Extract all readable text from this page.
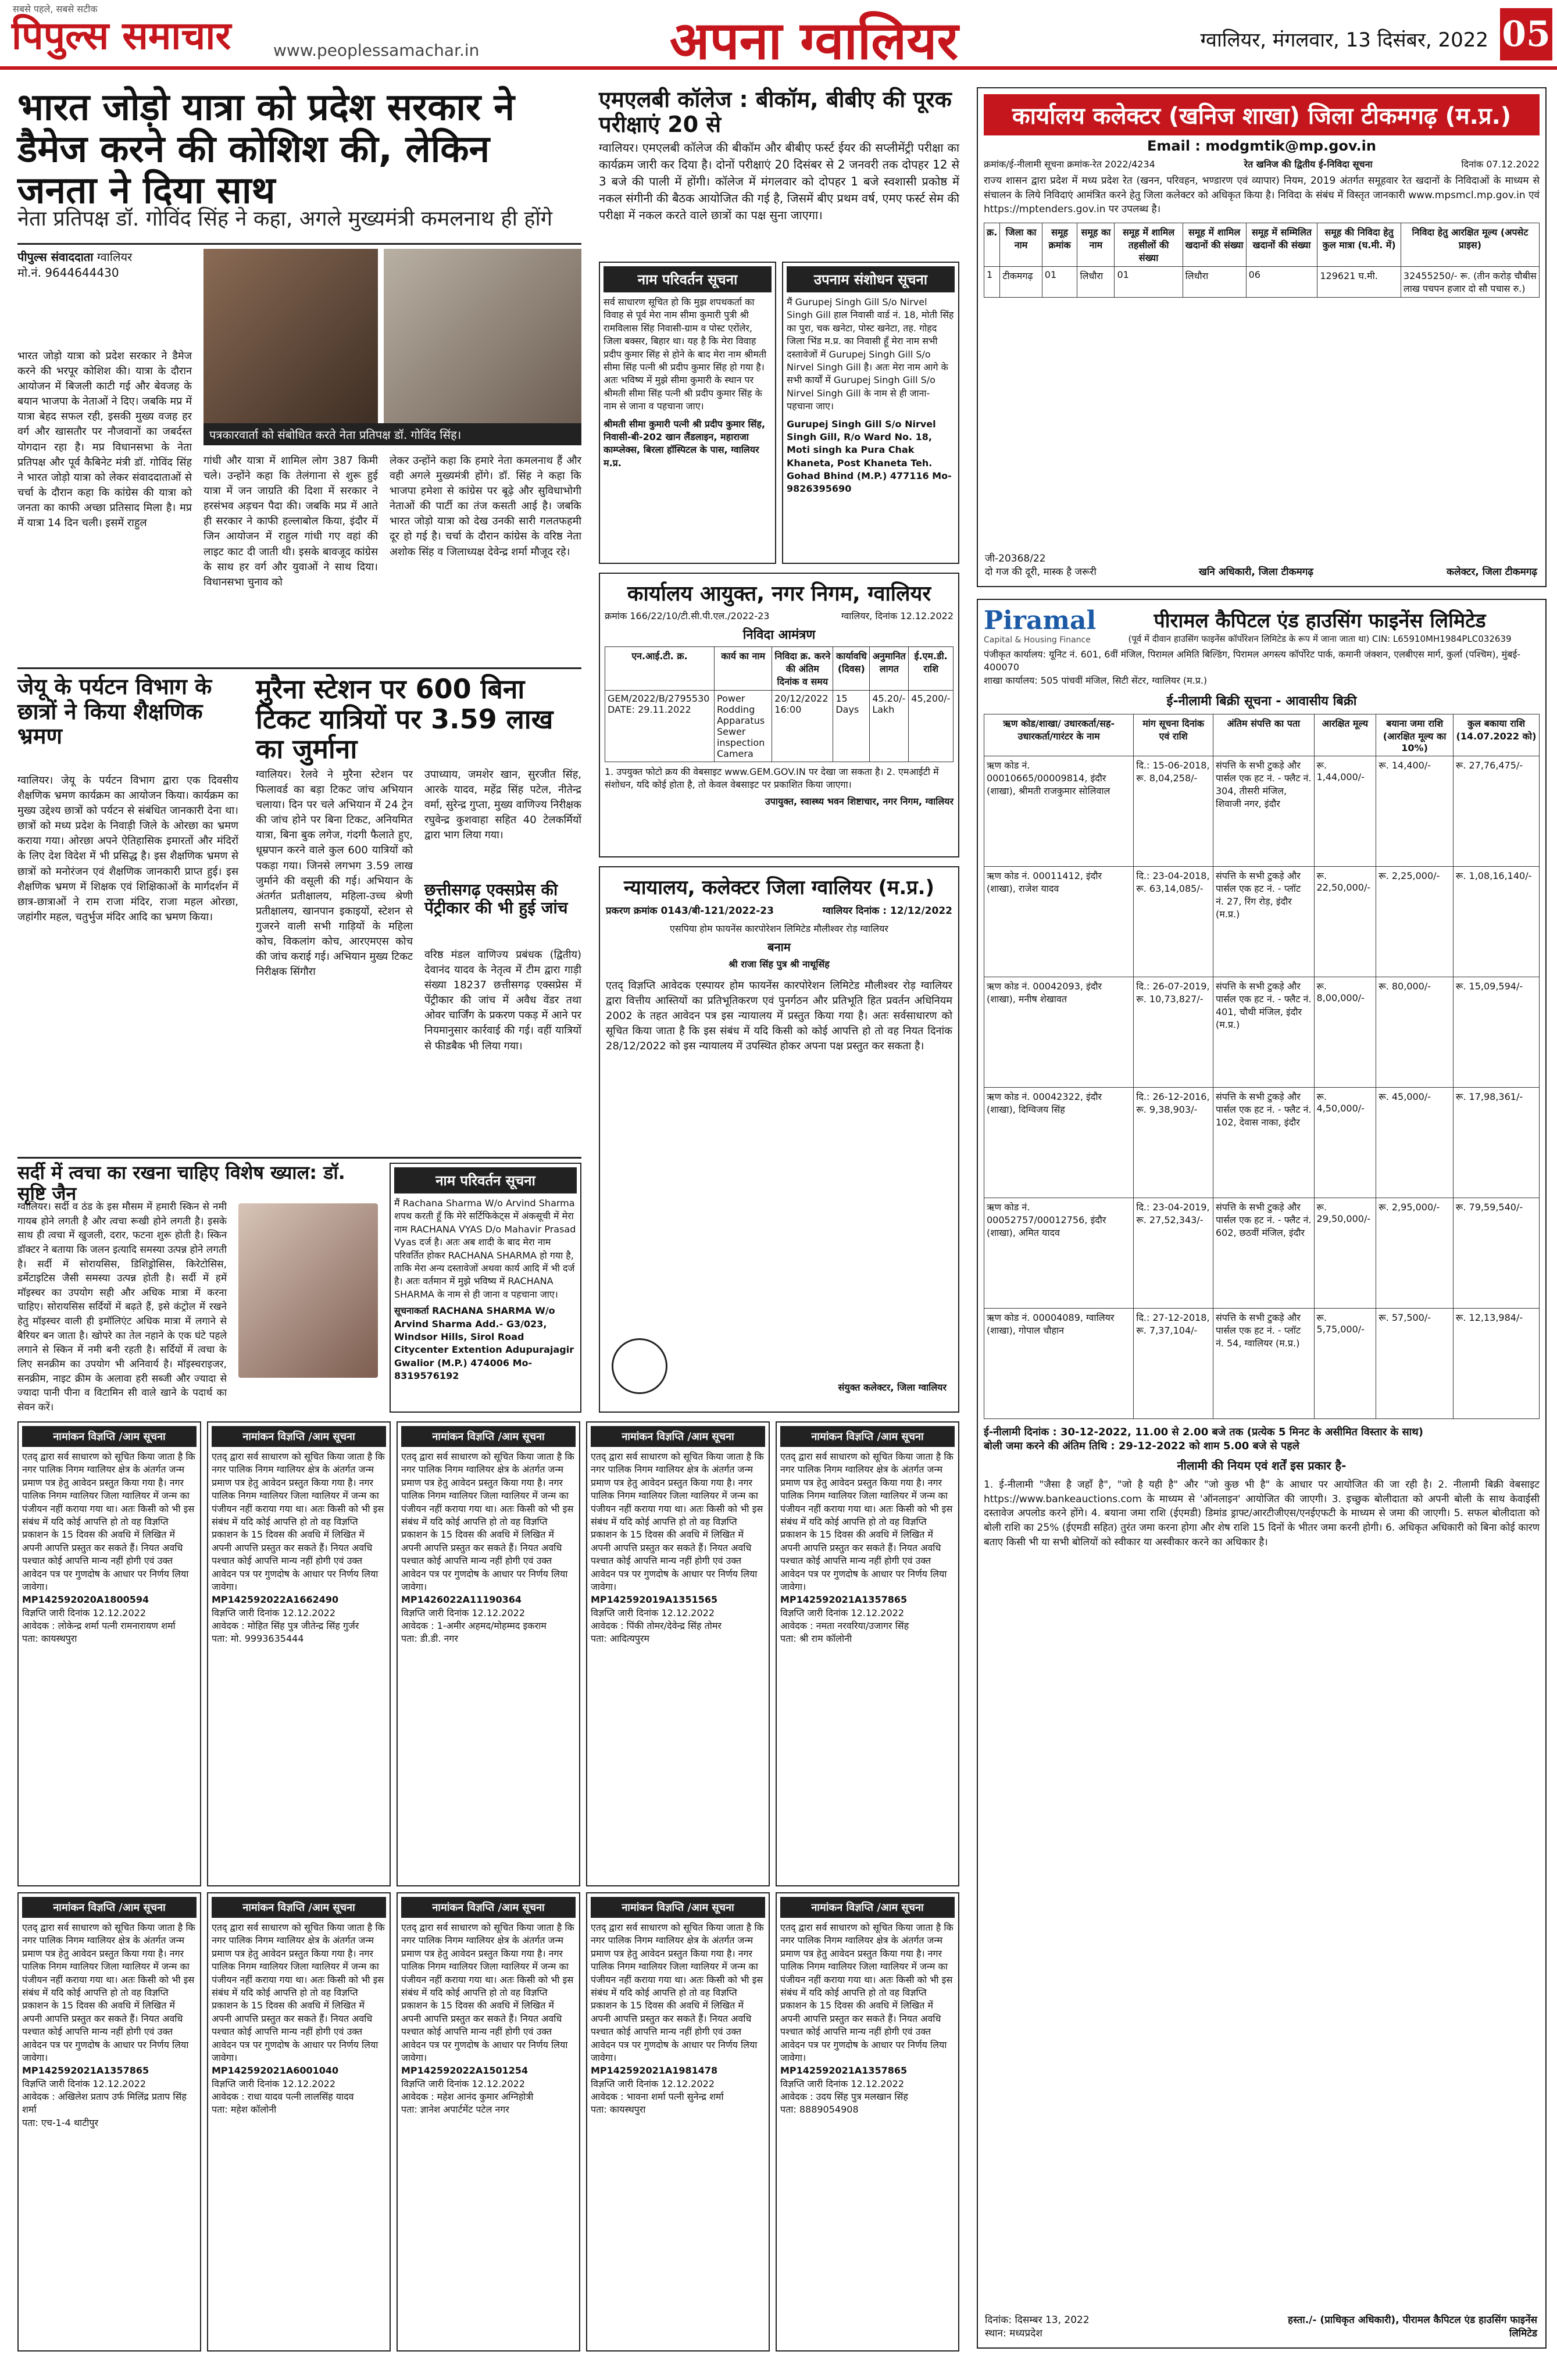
पिपुल्स समाचार
सबसे पहले, सबसे सटीक
www.peoplessamachar.in	अपना ग्वालियर	ग्वालियर, मंगलवार, 13 दिसंबर, 2022 05
भारत जोड़ो यात्रा को प्रदेश सरकार ने डैमेज करने की कोशिश की, लेकिन जनता ने दिया साथ
नेता प्रतिपक्ष डॉ. गोविंद सिंह ने कहा, अगले मुख्यमंत्री कमलनाथ ही होंगे
पीपुल्स संवाददाता ग्वालियर
मो.नं. 9644644430
भारत जोड़ो यात्रा को प्रदेश सरकार ने डैमेज करने की भरपूर कोशिश की। यात्रा के दौरान आयोजन में बिजली काटी गई और बेवजह के बयान भाजपा के नेताओं ने दिए। जबकि मप्र में यात्रा बेहद सफल रही, इसकी मुख्य वजह हर वर्ग और खासतौर पर नौजवानों का जबर्दस्त योगदान रहा है। मप्र विधानसभा के नेता प्रतिपक्ष और पूर्व कैबिनेट मंत्री डॉ. गोविंद सिंह ने भारत जोड़ो यात्रा को लेकर संवाददाताओं से चर्चा के दौरान कहा कि कांग्रेस की यात्रा को जनता का काफी अच्छा प्रतिसाद मिला है। मप्र में यात्रा 14 दिन चली। इसमें राहुल
पत्रकारवार्ता को संबोधित करते नेता प्रतिपक्ष डॉ. गोविंद सिंह।
गांधी और यात्रा में शामिल लोग 387 किमी चले। उन्होंने कहा कि तेलंगाना से शुरू हुई यात्रा में जन जाग्रति की दिशा में सरकार ने हरसंभव अड़चन पैदा की। जबकि मप्र में आते ही सरकार ने काफी हल्लाबोल किया, इंदौर में जिन आयोजन में राहुल गांधी गए वहां की लाइट काट दी जाती थी। इसके बावजूद कांग्रेस के साथ हर वर्ग और युवाओं ने साथ दिया। विधानसभा चुनाव को
लेकर उन्होंने कहा कि हमारे नेता कमलनाथ हैं और वही अगले मुख्यमंत्री होंगे। डॉ. सिंह ने कहा कि भाजपा हमेशा से कांग्रेस पर बूढ़े और सुविधाभोगी नेताओं की पार्टी का तंज कसती आई है। जबकि भारत जोड़ो यात्रा को देख उनकी सारी गलतफहमी दूर हो गई है। चर्चा के दौरान कांग्रेस के वरिष्ठ नेता अशोक सिंह व जिलाध्यक्ष देवेन्द्र शर्मा मौजूद रहे।
जेयू के पर्यटन विभाग के छात्रों ने किया शैक्षणिक भ्रमण
ग्वालियर। जेयू के पर्यटन विभाग द्वारा एक दिवसीय शैक्षणिक भ्रमण कार्यक्रम का आयोजन किया। कार्यक्रम का मुख्य उद्देश्य छात्रों को पर्यटन से संबंधित जानकारी देना था। छात्रों को मध्य प्रदेश के निवाड़ी जिले के ओरछा का भ्रमण कराया गया। ओरछा अपने ऐतिहासिक इमारतों और मंदिरों के लिए देश विदेश में भी प्रसिद्ध है। इस शैक्षणिक भ्रमण से छात्रों को मनोरंजन एवं शैक्षणिक जानकारी प्राप्त हुई। इस शैक्षणिक भ्रमण में शिक्षक एवं शिक्षिकाओं के मार्गदर्शन में छात्र-छात्राओं ने राम राजा मंदिर, राजा महल ओरछा, जहांगीर महल, चतुर्भुज मंदिर आदि का भ्रमण किया।
मुरैना स्टेशन पर 600 बिना टिकट यात्रियों पर 3.59 लाख का जुर्माना
ग्वालियर। रेलवे ने मुरैना स्टेशन पर फिलावर्ड का बड़ा टिकट जांच अभियान चलाया। दिन पर चले अभियान में 24 ट्रेन की जांच होने पर बिना टिकट, अनियमित यात्रा, बिना बुक लगेज, गंदगी फैलाते हुए, धूम्रपान करने वाले कुल 600 यात्रियों को पकड़ा गया। जिनसे लगभग 3.59 लाख जुर्माने की वसूली की गई। अभियान के अंतर्गत प्रतीक्षालय, महिला-उच्च श्रेणी प्रतीक्षालय, खानपान इकाइयों, स्टेशन से गुजरने वाली सभी गाड़ियों के महिला कोच, विकलांग कोच, आरएमएस कोच की जांच कराई गई। अभियान मुख्य टिकट निरीक्षक सिंगौरा
उपाध्याय, जमशेर खान, सुरजीत सिंह, आरके यादव, महेंद्र सिंह पटेल, नीतेन्द्र वर्मा, सुरेन्द्र गुप्ता, मुख्य वाणिज्य निरीक्षक रघुवेन्द्र कुशवाहा सहित 40 टेलकर्मियों द्वारा भाग लिया गया।
छत्तीसगढ़ एक्सप्रेस की पेंट्रीकार की भी हुई जांच
वरिष्ठ मंडल वाणिज्य प्रबंधक (द्वितीय) देवानंद यादव के नेतृत्व में टीम द्वारा गाड़ी संख्या 18237 छत्तीसगढ़ एक्सप्रेस में पेंट्रीकार की जांच में अवैध वेंडर तथा ओवर चार्जिंग के प्रकरण पकड़ में आने पर नियमानुसार कार्रवाई की गई। वहीं यात्रियों से फीडबैक भी लिया गया।
सर्दी में त्वचा का रखना चाहिए विशेष ख्याल: डॉ. सृष्टि जैन
ग्वालियर। सर्दी व ठंड के इस मौसम में हमारी स्किन से नमी गायब होने लगती है और त्वचा रूखी होने लगती है। इसके साथ ही त्वचा में खुजली, दरार, फटना शुरू होती है। स्किन डॉक्टर ने बताया कि जलन इत्यादि समस्या उत्पन्न होने लगती है। सर्दी में सोरायसिस, डिशिड्रोसिस, किरेटोसिस, डर्मेटाइटिस जैसी समस्या उत्पन्न होती है। सर्दी में हमें मॉइस्चर का उपयोग सही और अधिक मात्रा में करना चाहिए। सोरायसिस सर्दियों में बढ़ते हैं, इसे कंट्रोल में रखने हेतु मॉइस्चर वाली ही इमॉलिएंट अधिक मात्रा में लगाने से बैरियर बन जाता है। खोपरे का तेल नहाने के एक घंटे पहले लगाने से स्किन में नमी बनी रहती है। सर्दियों में त्वचा के लिए सनक्रीम का उपयोग भी अनिवार्य है। मॉइस्चराइजर, सनक्रीम, नाइट क्रीम के अलावा हरी सब्जी और ज्यादा से ज्यादा पानी पीना व विटामिन सी वाले खाने के पदार्थ का सेवन करें।
नाम परिवर्तन सूचना
मैं Rachana Sharma W/o Arvind Sharma शपथ करती हूँ कि मेरे सर्टिफिकेट्स में अंकसूची में मेरा नाम RACHANA VYAS D/o Mahavir Prasad Vyas दर्ज है। अतः अब शादी के बाद मेरा नाम परिवर्तित होकर RACHANA SHARMA हो गया है, ताकि मेरा अन्य दस्तावेजों अथवा कार्य आदि में भी दर्ज है। अतः वर्तमान में मुझे भविष्य में RACHANA SHARMA के नाम से ही जाना व पहचाना जाए।
सूचनाकर्ता RACHANA SHARMA W/o Arvind Sharma Add.- G3/023, Windsor Hills, Sirol Road Citycenter Extention Adupurajagir Gwalior (M.P.) 474006 Mo- 8319576192
एमएलबी कॉलेज : बीकॉम, बीबीए की पूरक परीक्षाएं 20 से
ग्वालियर। एमएलबी कॉलेज की बीकॉम और बीबीए फर्स्ट ईयर की सप्लीमेंट्री परीक्षा का कार्यक्रम जारी कर दिया है। दोनों परीक्षाएं 20 दिसंबर से 2 जनवरी तक दोपहर 12 से 3 बजे की पाली में होंगी। कॉलेज में मंगलवार को दोपहर 1 बजे स्वशासी प्रकोष्ठ में नकल संगीनी की बैठक आयोजित की गई है, जिसमें बीए प्रथम वर्ष, एमए फर्स्ट सेम की परीक्षा में नकल करते वाले छात्रों का पक्ष सुना जाएगा।
नाम परिवर्तन सूचना
सर्व साधारण सूचित हो कि मुझ शपथकर्ता का विवाह से पूर्व मेरा नाम सीमा कुमारी पुत्री श्री रामविलास सिंह निवासी-ग्राम व पोस्ट एरोंलेर, जिला बक्सर, बिहार था। यह है कि मेरा विवाह प्रदीप कुमार सिंह से होने के बाद मेरा नाम श्रीमती सीमा सिंह पत्नी श्री प्रदीप कुमार सिंह हो गया है। अतः भविष्य में मुझे सीमा कुमारी के स्थान पर श्रीमती सीमा सिंह पत्नी श्री प्रदीप कुमार सिंह के नाम से जाना व पहचाना जाए।
श्रीमती सीमा कुमारी पत्नी श्री प्रदीप कुमार सिंह, निवासी-बी-202 खान लैंडलाइन, महाराजा काम्प्लेक्स, बिरला हॉस्पिटल के पास, ग्वालियर म.प्र.
उपनाम संशोधन सूचना
मैं Gurupej Singh Gill S/o Nirvel Singh Gill हाल निवासी वार्ड नं. 18, मोती सिंह का पुरा, चक खनेटा, पोस्ट खनेटा, तह. गोहद जिला भिंड म.प्र. का निवासी हूँ मेरा नाम सभी दस्तावेजों में Gurupej Singh Gill S/o Nirvel Singh Gill है। अतः मेरा नाम आगे के सभी कार्यों में Gurupej Singh Gill S/o Nirvel Singh Gill के नाम से ही जाना-पहचाना जाए।
Gurupej Singh Gill S/o Nirvel Singh Gill, R/o Ward No. 18, Moti singh ka Pura Chak Khaneta, Post Khaneta Teh. Gohad Bhind (M.P.) 477116 Mo- 9826395690
कार्यालय आयुक्त, नगर निगम, ग्वालियर
क्रमांक 166/22/10/टी.सी.पी.एल./2022-23	ग्वालियर, दिनांक 12.12.2022
निविदा आमंत्रण
एन.आई.टी. क्र.	कार्य का नाम	निविदा क्र. करने की अंतिम दिनांक व समय	कार्यावधि (दिवस)	अनुमानित लागत	ई.एम.डी. राशि
GEM/2022/B/2795530 DATE: 29.11.2022	Power Rodding Apparatus Sewer inspection Camera	20/12/2022 16:00	15 Days	45.20/- Lakh	45,200/-
1. उपयुक्त फोटो क्रय की वेबसाइट www.GEM.GOV.IN पर देखा जा सकता है। 2. एमआईटी में संशोधन, यदि कोई होता है, तो केवल वेबसाइट पर प्रकाशित किया जाएगा।
उपायुक्त, स्वास्थ्य भवन शिष्टाचार, नगर निगम, ग्वालियर
न्यायालय, कलेक्टर जिला ग्वालियर (म.प्र.)
प्रकरण क्रमांक 0143/बी-121/2022-23	ग्वालियर दिनांक : 12/12/2022
एसपिया होम फायनेंस कारपोरेशन लिमिटेड मौलीश्वर रोड़ ग्वालियर
बनाम
श्री राजा सिंह पुत्र श्री नाथूसिंह
एतद् विज्ञप्ति आवेदक एस्पायर होम फायनेंस कारपोरेशन लिमिटेड मौलीश्वर रोड़ ग्वालियर द्वारा वित्तीय आस्तियों का प्रतिभूतिकरण एवं पुनर्गठन और प्रतिभूति हित प्रवर्तन अधिनियम 2002 के तहत आवेदन पत्र इस न्यायालय में प्रस्तुत किया गया है। अतः सर्वसाधारण को सूचित किया जाता है कि इस संबंध में यदि किसी को कोई आपत्ति हो तो वह नियत दिनांक 28/12/2022 को इस न्यायालय में उपस्थित होकर अपना पक्ष प्रस्तुत कर सकता है।
संयुक्त कलेक्टर, जिला ग्वालियर
कार्यालय कलेक्टर (खनिज शाखा) जिला टीकमगढ़ (म.प्र.)
Email : modgmtik@mp.gov.in
क्रमांक/ई-नीलामी सूचना क्रमांक-रेत 2022/4234	रेत खनिज की द्वितीय ई-निविदा सूचना	दिनांक 07.12.2022
राज्य शासन द्वारा प्रदेश में मध्य प्रदेश रेत (खनन, परिवहन, भण्डारण एवं व्यापार) नियम, 2019 अंतर्गत समूहवार रेत खदानों के निविदाओं के माध्यम से संचालन के लिये निविदाएं आमंत्रित करने हेतु जिला कलेक्टर को अधिकृत किया है। निविदा के संबंध में विस्तृत जानकारी www.mpsmcl.mp.gov.in एवं https://mptenders.gov.in पर उपलब्ध है।
क्र.	जिला का नाम	समूह क्रमांक	समूह का नाम	समूह में शामिल तहसीलों की संख्या	समूह में शामिल खदानों की संख्या	समूह में सम्मिलित खदानों की संख्या	समूह की निविदा हेतु कुल मात्रा (घ.मी. में)	निविदा हेतु आरक्षित मूल्य (अपसेट प्राइस)
1	टीकमगढ़	01	लिधौरा	01	लिधौरा	06	129621 घ.मी.	32455250/- रू. (तीन करोड़ चौबीस लाख पचपन हजार दो सौ पचास रु.)
जी-20368/22
दो गज की दूरी, मास्क है जरूरी	खनि अधिकारी, जिला टीकमगढ़	कलेक्टर, जिला टीकमगढ़
Piramal
Capital & Housing Finance
पीरामल कैपिटल एंड हाउसिंग फाइनेंस लिमिटेड
(पूर्व में दीवान हाउसिंग फाइनेंस कॉर्पोरेशन लिमिटेड के रूप में जाना जाता था) CIN: L65910MH1984PLC032639
पंजीकृत कार्यालय: यूनिट नं. 601, 6वीं मंजिल, पिरामल अमिति बिल्डिंग, पिरामल अगस्त्य कॉर्पोरेट पार्क, कमानी जंक्शन, एलबीएस मार्ग, कुर्ला (पश्चिम), मुंबई- 400070
शाखा कार्यालय: 505 पांचवीं मंजिल, सिटी सेंटर, ग्वालियर (म.प्र.)
ई-नीलामी बिक्री सूचना - आवासीय बिक्री
ऋण कोड/शाखा/ उधारकर्ता/सह-उधारकर्ता/गारंटर के नाम	मांग सूचना दिनांक एवं राशि	अंतिम संपत्ति का पता	आरक्षित मूल्य	बयाना जमा राशि (आरक्षित मूल्य का 10%)	कुल बकाया राशि (14.07.2022 को)
ऋण कोड नं. 00010665/00009814, इंदौर (शाखा), श्रीमती राजकुमार सोलिवाल	दि.: 15-06-2018, रू. 8,04,258/-	संपत्ति के सभी टुकड़े और पार्सल एक हट नं. - फ्लैट नं. 304, तीसरी मंजिल, शिवाजी नगर, इंदौर	रू. 1,44,000/-	रू. 14,400/-	रू. 27,76,475/-
ऋण कोड नं. 00011412, इंदौर (शाखा), राजेश यादव	दि.: 23-04-2018, रू. 63,14,085/-	संपत्ति के सभी टुकड़े और पार्सल एक हट नं. - प्लॉट नं. 27, रिंग रोड़, इंदौर (म.प्र.)	रू. 22,50,000/-	रू. 2,25,000/-	रू. 1,08,16,140/-
ऋण कोड नं. 00042093, इंदौर (शाखा), मनीष शेखावत	दि.: 26-07-2019, रू. 10,73,827/-	संपत्ति के सभी टुकड़े और पार्सल एक हट नं. - फ्लैट नं. 401, चौथी मंजिल, इंदौर (म.प्र.)	रू. 8,00,000/-	रू. 80,000/-	रू. 15,09,594/-
ऋण कोड नं. 00042322, इंदौर (शाखा), दिग्विजय सिंह	दि.: 26-12-2016, रू. 9,38,903/-	संपत्ति के सभी टुकड़े और पार्सल एक हट नं. - फ्लैट नं. 102, देवास नाका, इंदौर	रू. 4,50,000/-	रू. 45,000/-	रू. 17,98,361/-
ऋण कोड नं. 00052757/00012756, इंदौर (शाखा), अमित यादव	दि.: 23-04-2019, रू. 27,52,343/-	संपत्ति के सभी टुकड़े और पार्सल एक हट नं. - फ्लैट नं. 602, छठवीं मंजिल, इंदौर	रू. 29,50,000/-	रू. 2,95,000/-	रू. 79,59,540/-
ऋण कोड नं. 00004089, ग्वालियर (शाखा), गोपाल चौहान	दि.: 27-12-2018, रू. 7,37,104/-	संपत्ति के सभी टुकड़े और पार्सल एक हट नं. - प्लॉट नं. 54, ग्वालियर (म.प्र.)	रू. 5,75,000/-	रू. 57,500/-	रू. 12,13,984/-
ई-नीलामी दिनांक : 30-12-2022, 11.00 से 2.00 बजे तक (प्रत्येक 5 मिनट के असीमित विस्तार के साथ)
बोली जमा करने की अंतिम तिथि : 29-12-2022 को शाम 5.00 बजे से पहले
नीलामी की नियम एवं शर्तें इस प्रकार है-
1. ई-नीलामी "जैसा है जहाँ है", "जो है यही है" और "जो कुछ भी है" के आधार पर आयोजित की जा रही है। 2. नीलामी बिक्री वेबसाइट https://www.bankeauctions.com के माध्यम से 'ऑनलाइन' आयोजित की जाएगी। 3. इच्छुक बोलीदाता को अपनी बोली के साथ केवाईसी दस्तावेज अपलोड करने होंगे। 4. बयाना जमा राशि (ईएमडी) डिमांड ड्राफ्ट/आरटीजीएस/एनईएफटी के माध्यम से जमा की जाएगी। 5. सफल बोलीदाता को बोली राशि का 25% (ईएमडी सहित) तुरंत जमा करना होगा और शेष राशि 15 दिनों के भीतर जमा करनी होगी। 6. अधिकृत अधिकारी को बिना कोई कारण बताए किसी भी या सभी बोलियों को स्वीकार या अस्वीकार करने का अधिकार है।
दिनांक: दिसम्बर 13, 2022
स्थान: मध्यप्रदेश
हस्ता./- (प्राधिकृत अधिकारी), पीरामल कैपिटल एंड हाउसिंग फाइनेंस लिमिटेड
नामांकन विज्ञप्ति /आम सूचना
एतद् द्वारा सर्व साधारण को सूचित किया जाता है कि नगर पालिक निगम ग्वालियर क्षेत्र के अंतर्गत जन्म प्रमाण पत्र हेतु आवेदन प्रस्तुत किया गया है। नगर पालिक निगम ग्वालियर जिला ग्वालियर में जन्म का पंजीयन नहीं कराया गया था। अतः किसी को भी इस संबंध में यदि कोई आपत्ति हो तो वह विज्ञप्ति प्रकाशन के 15 दिवस की अवधि में लिखित में अपनी आपत्ति प्रस्तुत कर सकते हैं। नियत अवधि पश्चात कोई आपत्ति मान्य नहीं होगी एवं उक्त आवेदन पत्र पर गुणदोष के आधार पर निर्णय लिया जावेगा।
MP142592020A1800594
विज्ञप्ति जारी दिनांक 12.12.2022
आवेदक : लोकेन्द्र शर्मा पत्नी रामनारायण शर्मा
पता: कायस्थपुरा
नामांकन विज्ञप्ति /आम सूचना
एतद् द्वारा सर्व साधारण को सूचित किया जाता है कि नगर पालिक निगम ग्वालियर क्षेत्र के अंतर्गत जन्म प्रमाण पत्र हेतु आवेदन प्रस्तुत किया गया है। नगर पालिक निगम ग्वालियर जिला ग्वालियर में जन्म का पंजीयन नहीं कराया गया था। अतः किसी को भी इस संबंध में यदि कोई आपत्ति हो तो वह विज्ञप्ति प्रकाशन के 15 दिवस की अवधि में लिखित में अपनी आपत्ति प्रस्तुत कर सकते हैं। नियत अवधि पश्चात कोई आपत्ति मान्य नहीं होगी एवं उक्त आवेदन पत्र पर गुणदोष के आधार पर निर्णय लिया जावेगा।
MP142592022A1662490
विज्ञप्ति जारी दिनांक 12.12.2022
आवेदक : मोहित सिंह पुत्र जीतेन्द्र सिंह गुर्जर
पता: मो. 9993635444
नामांकन विज्ञप्ति /आम सूचना
एतद् द्वारा सर्व साधारण को सूचित किया जाता है कि नगर पालिक निगम ग्वालियर क्षेत्र के अंतर्गत जन्म प्रमाण पत्र हेतु आवेदन प्रस्तुत किया गया है। नगर पालिक निगम ग्वालियर जिला ग्वालियर में जन्म का पंजीयन नहीं कराया गया था। अतः किसी को भी इस संबंध में यदि कोई आपत्ति हो तो वह विज्ञप्ति प्रकाशन के 15 दिवस की अवधि में लिखित में अपनी आपत्ति प्रस्तुत कर सकते हैं। नियत अवधि पश्चात कोई आपत्ति मान्य नहीं होगी एवं उक्त आवेदन पत्र पर गुणदोष के आधार पर निर्णय लिया जावेगा।
MP1426022A11190364
विज्ञप्ति जारी दिनांक 12.12.2022
आवेदक : 1-अमीर अहमद/मोहम्मद इकराम
पता: डी.डी. नगर
नामांकन विज्ञप्ति /आम सूचना
एतद् द्वारा सर्व साधारण को सूचित किया जाता है कि नगर पालिक निगम ग्वालियर क्षेत्र के अंतर्गत जन्म प्रमाण पत्र हेतु आवेदन प्रस्तुत किया गया है। नगर पालिक निगम ग्वालियर जिला ग्वालियर में जन्म का पंजीयन नहीं कराया गया था। अतः किसी को भी इस संबंध में यदि कोई आपत्ति हो तो वह विज्ञप्ति प्रकाशन के 15 दिवस की अवधि में लिखित में अपनी आपत्ति प्रस्तुत कर सकते हैं। नियत अवधि पश्चात कोई आपत्ति मान्य नहीं होगी एवं उक्त आवेदन पत्र पर गुणदोष के आधार पर निर्णय लिया जावेगा।
MP142592019A1351565
विज्ञप्ति जारी दिनांक 12.12.2022
आवेदक : पिंकी तोमर/देवेन्द्र सिंह तोमर
पता: आदित्यपुरम
नामांकन विज्ञप्ति /आम सूचना
एतद् द्वारा सर्व साधारण को सूचित किया जाता है कि नगर पालिक निगम ग्वालियर क्षेत्र के अंतर्गत जन्म प्रमाण पत्र हेतु आवेदन प्रस्तुत किया गया है। नगर पालिक निगम ग्वालियर जिला ग्वालियर में जन्म का पंजीयन नहीं कराया गया था। अतः किसी को भी इस संबंध में यदि कोई आपत्ति हो तो वह विज्ञप्ति प्रकाशन के 15 दिवस की अवधि में लिखित में अपनी आपत्ति प्रस्तुत कर सकते हैं। नियत अवधि पश्चात कोई आपत्ति मान्य नहीं होगी एवं उक्त आवेदन पत्र पर गुणदोष के आधार पर निर्णय लिया जावेगा।
MP142592021A1357865
विज्ञप्ति जारी दिनांक 12.12.2022
आवेदक : नमता नरवरिया/उजागर सिंह
पता: श्री राम कॉलोनी
नामांकन विज्ञप्ति /आम सूचना
एतद् द्वारा सर्व साधारण को सूचित किया जाता है कि नगर पालिक निगम ग्वालियर क्षेत्र के अंतर्गत जन्म प्रमाण पत्र हेतु आवेदन प्रस्तुत किया गया है। नगर पालिक निगम ग्वालियर जिला ग्वालियर में जन्म का पंजीयन नहीं कराया गया था। अतः किसी को भी इस संबंध में यदि कोई आपत्ति हो तो वह विज्ञप्ति प्रकाशन के 15 दिवस की अवधि में लिखित में अपनी आपत्ति प्रस्तुत कर सकते हैं। नियत अवधि पश्चात कोई आपत्ति मान्य नहीं होगी एवं उक्त आवेदन पत्र पर गुणदोष के आधार पर निर्णय लिया जावेगा।
MP142592021A1357865
विज्ञप्ति जारी दिनांक 12.12.2022
आवेदक : अखिलेश प्रताप उर्फ मिलिंद्र प्रताप सिंह शर्मा
पता: एच-1-4 थाटीपुर
नामांकन विज्ञप्ति /आम सूचना
एतद् द्वारा सर्व साधारण को सूचित किया जाता है कि नगर पालिक निगम ग्वालियर क्षेत्र के अंतर्गत जन्म प्रमाण पत्र हेतु आवेदन प्रस्तुत किया गया है। नगर पालिक निगम ग्वालियर जिला ग्वालियर में जन्म का पंजीयन नहीं कराया गया था। अतः किसी को भी इस संबंध में यदि कोई आपत्ति हो तो वह विज्ञप्ति प्रकाशन के 15 दिवस की अवधि में लिखित में अपनी आपत्ति प्रस्तुत कर सकते हैं। नियत अवधि पश्चात कोई आपत्ति मान्य नहीं होगी एवं उक्त आवेदन पत्र पर गुणदोष के आधार पर निर्णय लिया जावेगा।
MP142592021A6001040
विज्ञप्ति जारी दिनांक 12.12.2022
आवेदक : राधा यादव पत्नी लालसिंह यादव
पता: महेश कॉलोनी
नामांकन विज्ञप्ति /आम सूचना
एतद् द्वारा सर्व साधारण को सूचित किया जाता है कि नगर पालिक निगम ग्वालियर क्षेत्र के अंतर्गत जन्म प्रमाण पत्र हेतु आवेदन प्रस्तुत किया गया है। नगर पालिक निगम ग्वालियर जिला ग्वालियर में जन्म का पंजीयन नहीं कराया गया था। अतः किसी को भी इस संबंध में यदि कोई आपत्ति हो तो वह विज्ञप्ति प्रकाशन के 15 दिवस की अवधि में लिखित में अपनी आपत्ति प्रस्तुत कर सकते हैं। नियत अवधि पश्चात कोई आपत्ति मान्य नहीं होगी एवं उक्त आवेदन पत्र पर गुणदोष के आधार पर निर्णय लिया जावेगा।
MP142592022A1501254
विज्ञप्ति जारी दिनांक 12.12.2022
आवेदक : महेश आनंद कुमार अग्निहोत्री
पता: ज्ञानेश अपार्टमेंट पटेल नगर
नामांकन विज्ञप्ति /आम सूचना
एतद् द्वारा सर्व साधारण को सूचित किया जाता है कि नगर पालिक निगम ग्वालियर क्षेत्र के अंतर्गत जन्म प्रमाण पत्र हेतु आवेदन प्रस्तुत किया गया है। नगर पालिक निगम ग्वालियर जिला ग्वालियर में जन्म का पंजीयन नहीं कराया गया था। अतः किसी को भी इस संबंध में यदि कोई आपत्ति हो तो वह विज्ञप्ति प्रकाशन के 15 दिवस की अवधि में लिखित में अपनी आपत्ति प्रस्तुत कर सकते हैं। नियत अवधि पश्चात कोई आपत्ति मान्य नहीं होगी एवं उक्त आवेदन पत्र पर गुणदोष के आधार पर निर्णय लिया जावेगा।
MP142592021A1981478
विज्ञप्ति जारी दिनांक 12.12.2022
आवेदक : भावना शर्मा पत्नी सुनेन्द्र शर्मा
पता: कायस्थपुरा
नामांकन विज्ञप्ति /आम सूचना
एतद् द्वारा सर्व साधारण को सूचित किया जाता है कि नगर पालिक निगम ग्वालियर क्षेत्र के अंतर्गत जन्म प्रमाण पत्र हेतु आवेदन प्रस्तुत किया गया है। नगर पालिक निगम ग्वालियर जिला ग्वालियर में जन्म का पंजीयन नहीं कराया गया था। अतः किसी को भी इस संबंध में यदि कोई आपत्ति हो तो वह विज्ञप्ति प्रकाशन के 15 दिवस की अवधि में लिखित में अपनी आपत्ति प्रस्तुत कर सकते हैं। नियत अवधि पश्चात कोई आपत्ति मान्य नहीं होगी एवं उक्त आवेदन पत्र पर गुणदोष के आधार पर निर्णय लिया जावेगा।
MP142592021A1357865
विज्ञप्ति जारी दिनांक 12.12.2022
आवेदक : उदय सिंह पुत्र मलखान सिंह
पता: 8889054908
